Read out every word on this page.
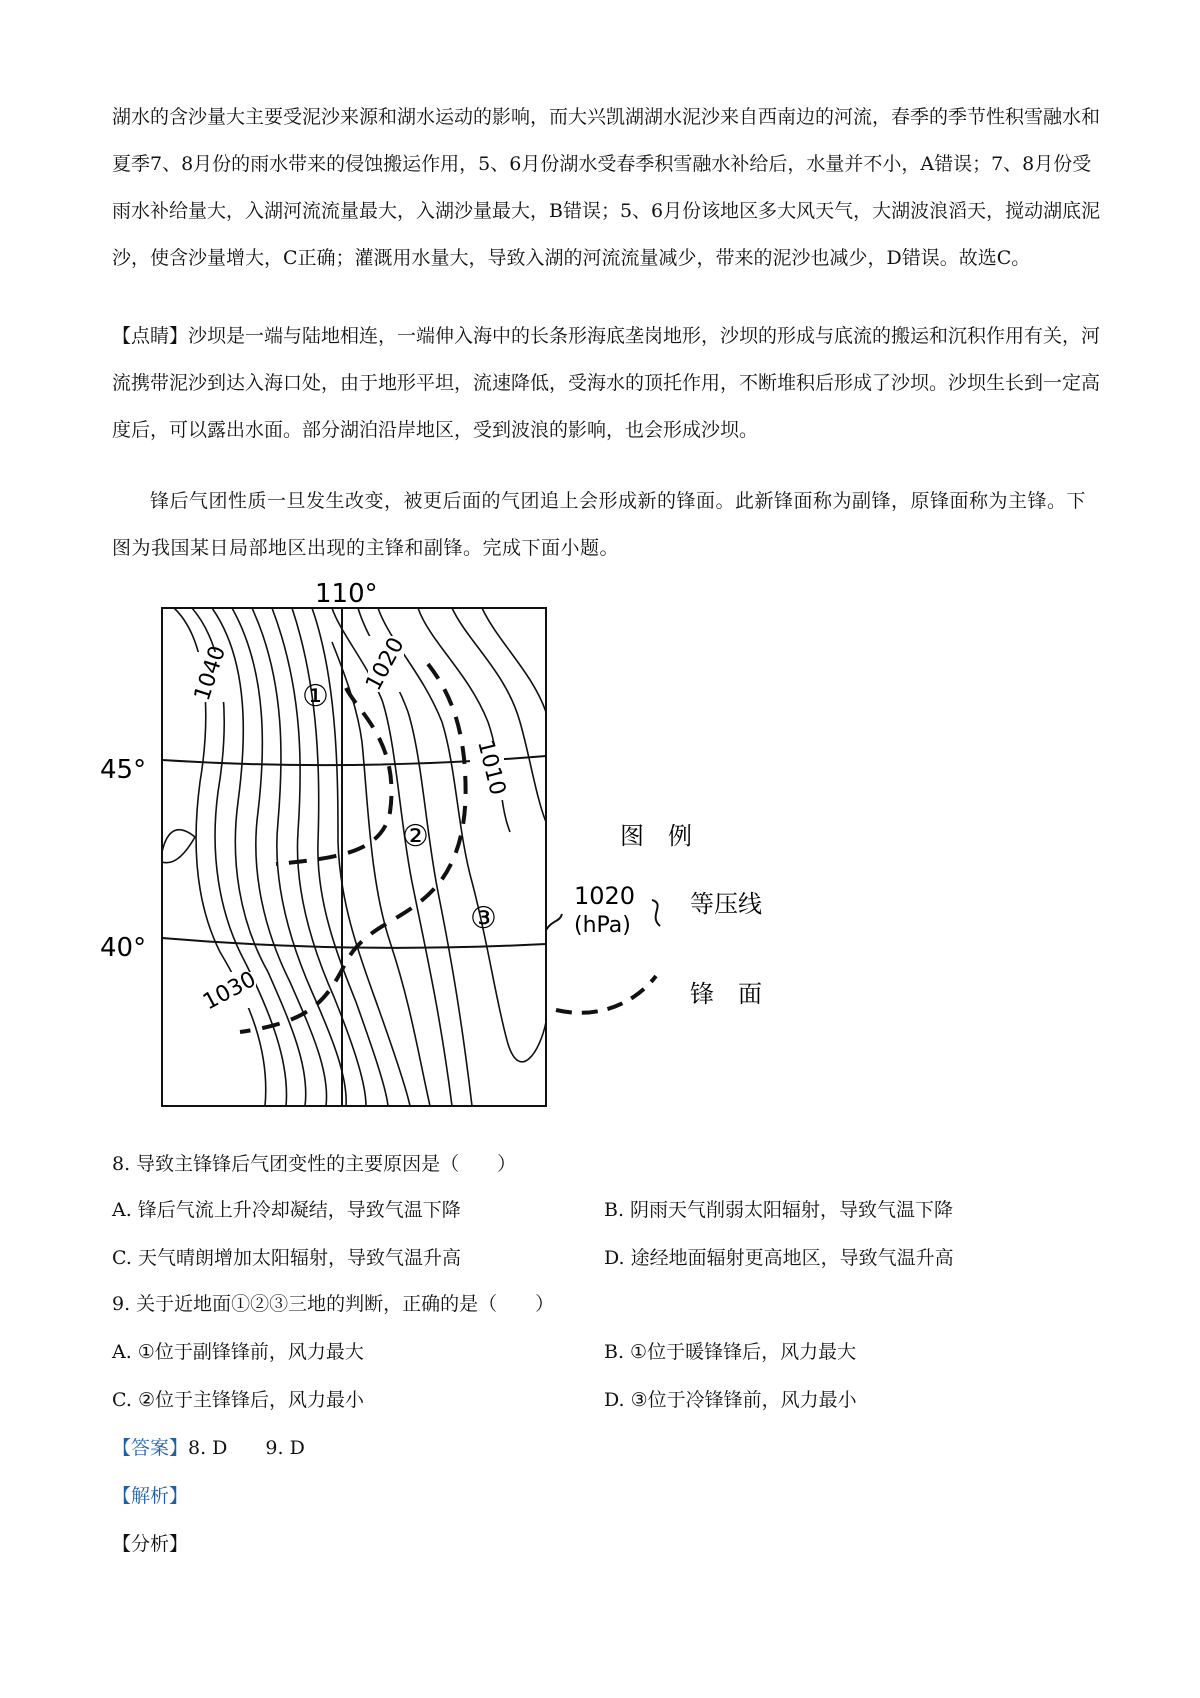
湖水的含沙量大主要受泥沙来源和湖水运动的影响，而大兴凯湖湖水泥沙来自西南边的河流，春季的季节性积雪融水和夏季7、8月份的雨水带来的侵蚀搬运作用，5、6月份湖水受春季积雪融水补给后，水量并不小，A错误；7、8月份受雨水补给量大，入湖河流流量最大，入湖沙量最大，B错误；5、6月份该地区多大风天气，大湖波浪滔天，搅动湖底泥沙，使含沙量增大，C正确；灌溉用水量大，导致入湖的河流流量减少，带来的泥沙也减少，D错误。故选C。

【点睛】沙坝是一端与陆地相连，一端伸入海中的长条形海底垄岗地形，沙坝的形成与底流的搬运和沉积作用有关，河流携带泥沙到达入海口处，由于地形平坦，流速降低，受海水的顶托作用，不断堆积后形成了沙坝。沙坝生长到一定高度后，可以露出水面。部分湖泊沿岸地区，受到波浪的影响，也会形成沙坝。

锋后气团性质一旦发生改变，被更后面的气团追上会形成新的锋面。此新锋面称为副锋，原锋面称为主锋。下图为我国某日局部地区出现的主锋和副锋。完成下面小题。

110°
45°
40°
1040	1020
1010
1030
①
②
③
图　例
1020
(hPa)
等压线
锋　面
8. 导致主锋锋后气团变性的主要原因是（　　）
A. 锋后气流上升冷却凝结，导致气温下降	B. 阴雨天气削弱太阳辐射，导致气温下降
C. 天气晴朗增加太阳辐射，导致气温升高	D. 途经地面辐射更高地区，导致气温升高
9. 关于近地面①②③三地的判断，正确的是（　　）
A. ①位于副锋锋前，风力最大	B. ①位于暖锋锋后，风力最大
C. ②位于主锋锋后，风力最小	D. ③位于冷锋锋前，风力最小
【答案】8. D　　9. D
【解析】
【分析】
